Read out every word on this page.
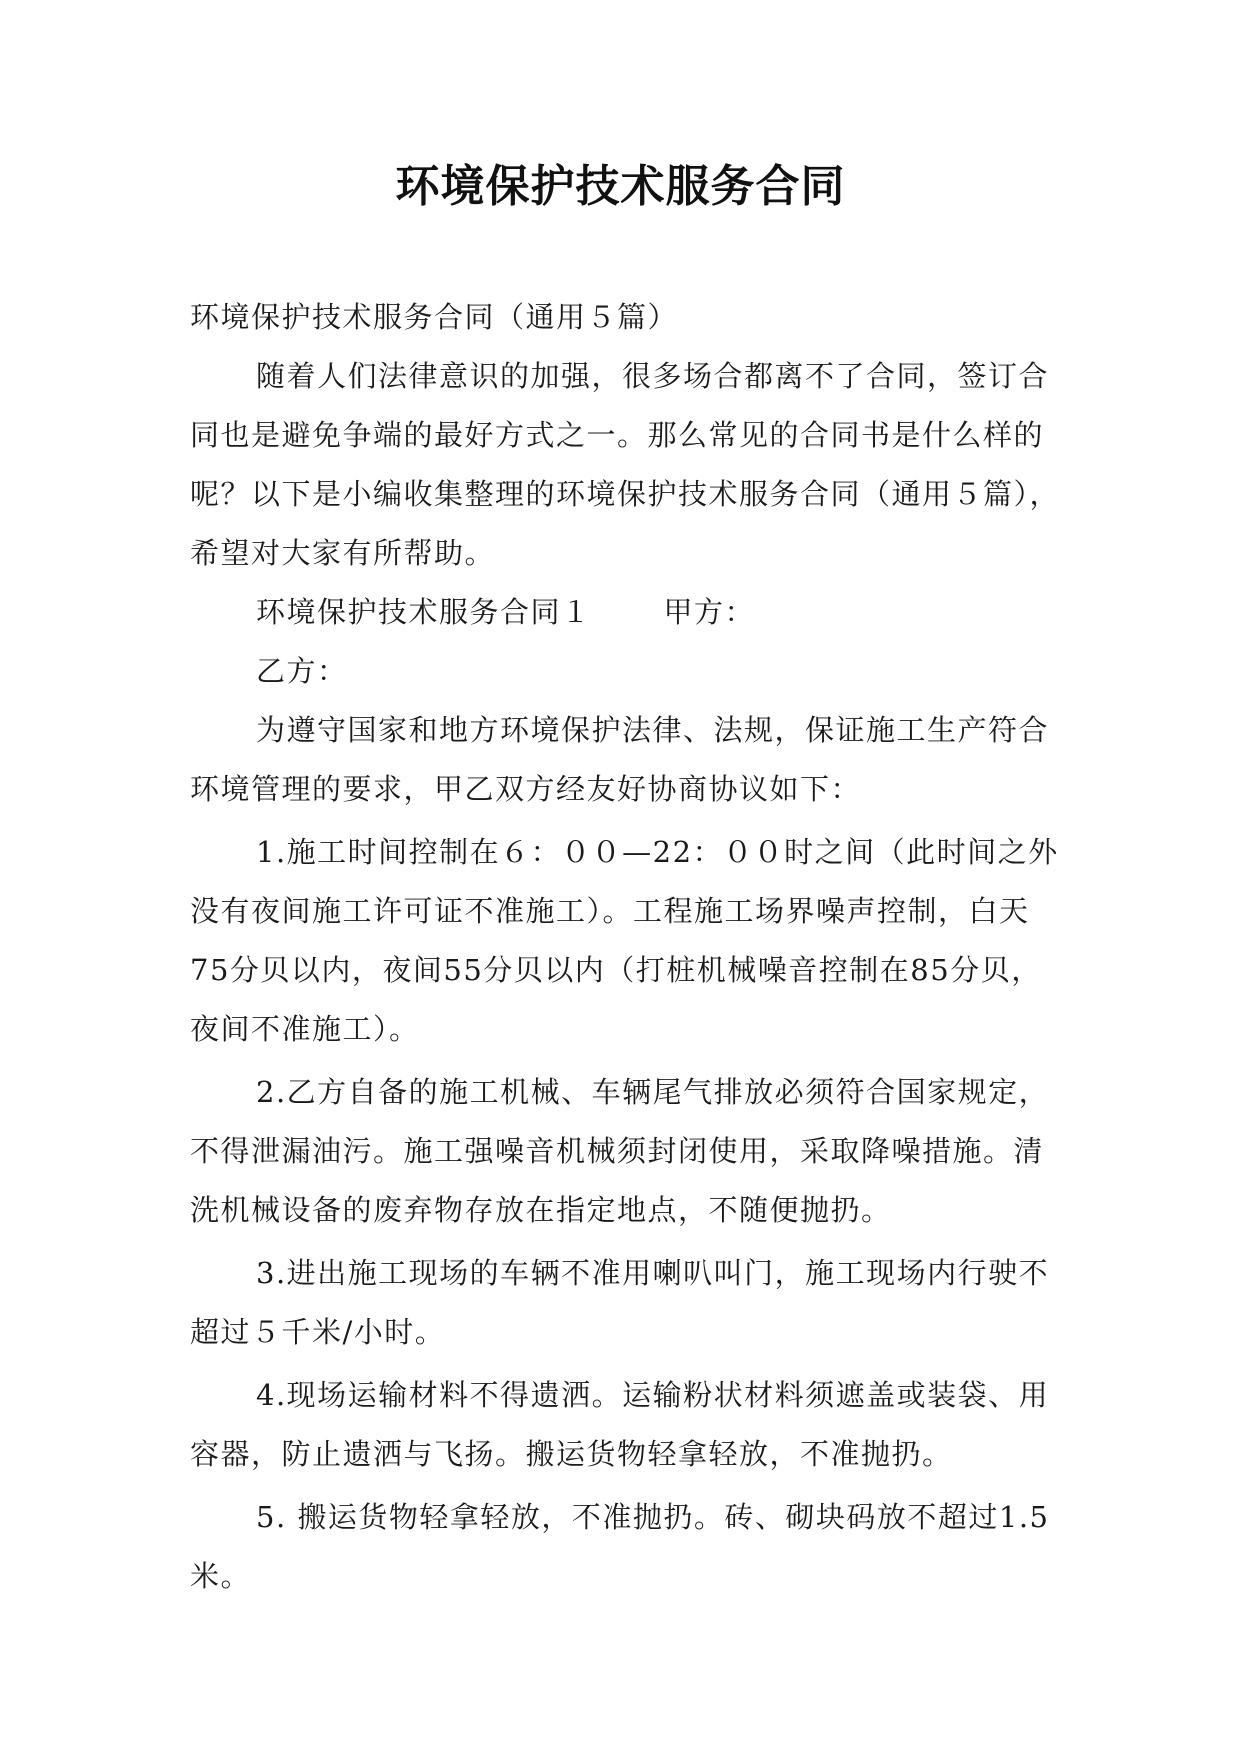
环境保护技术服务合同

环境保护技术服务合同（通用５篇）

随着人们法律意识的加强，很多场合都离不了合同，签订合同也是避免争端的最好方式之一。那么常见的合同书是什么样的呢？以下是小编收集整理的环境保护技术服务合同（通用５篇），希望对大家有所帮助。

环境保护技术服务合同１ 甲方：

乙方：

为遵守国家和地方环境保护法律、法规，保证施工生产符合环境管理的要求，甲乙双方经友好协商协议如下：

1.施工时间控制在６：００—22：００时之间（此时间之外没有夜间施工许可证不准施工）。工程施工场界噪声控制，白天75分贝以内，夜间55分贝以内（打桩机械噪音控制在85分贝，夜间不准施工）。

2.乙方自备的施工机械、车辆尾气排放必须符合国家规定，不得泄漏油污。施工强噪音机械须封闭使用，采取降噪措施。清洗机械设备的废弃物存放在指定地点，不随便抛扔。

3.进出施工现场的车辆不准用喇叭叫门，施工现场内行驶不超过５千米/小时。

4.现场运输材料不得遗洒。运输粉状材料须遮盖或装袋、用容器，防止遗洒与飞扬。搬运货物轻拿轻放，不准抛扔。

5. 搬运货物轻拿轻放，不准抛扔。砖、砌块码放不超过1.5米。
